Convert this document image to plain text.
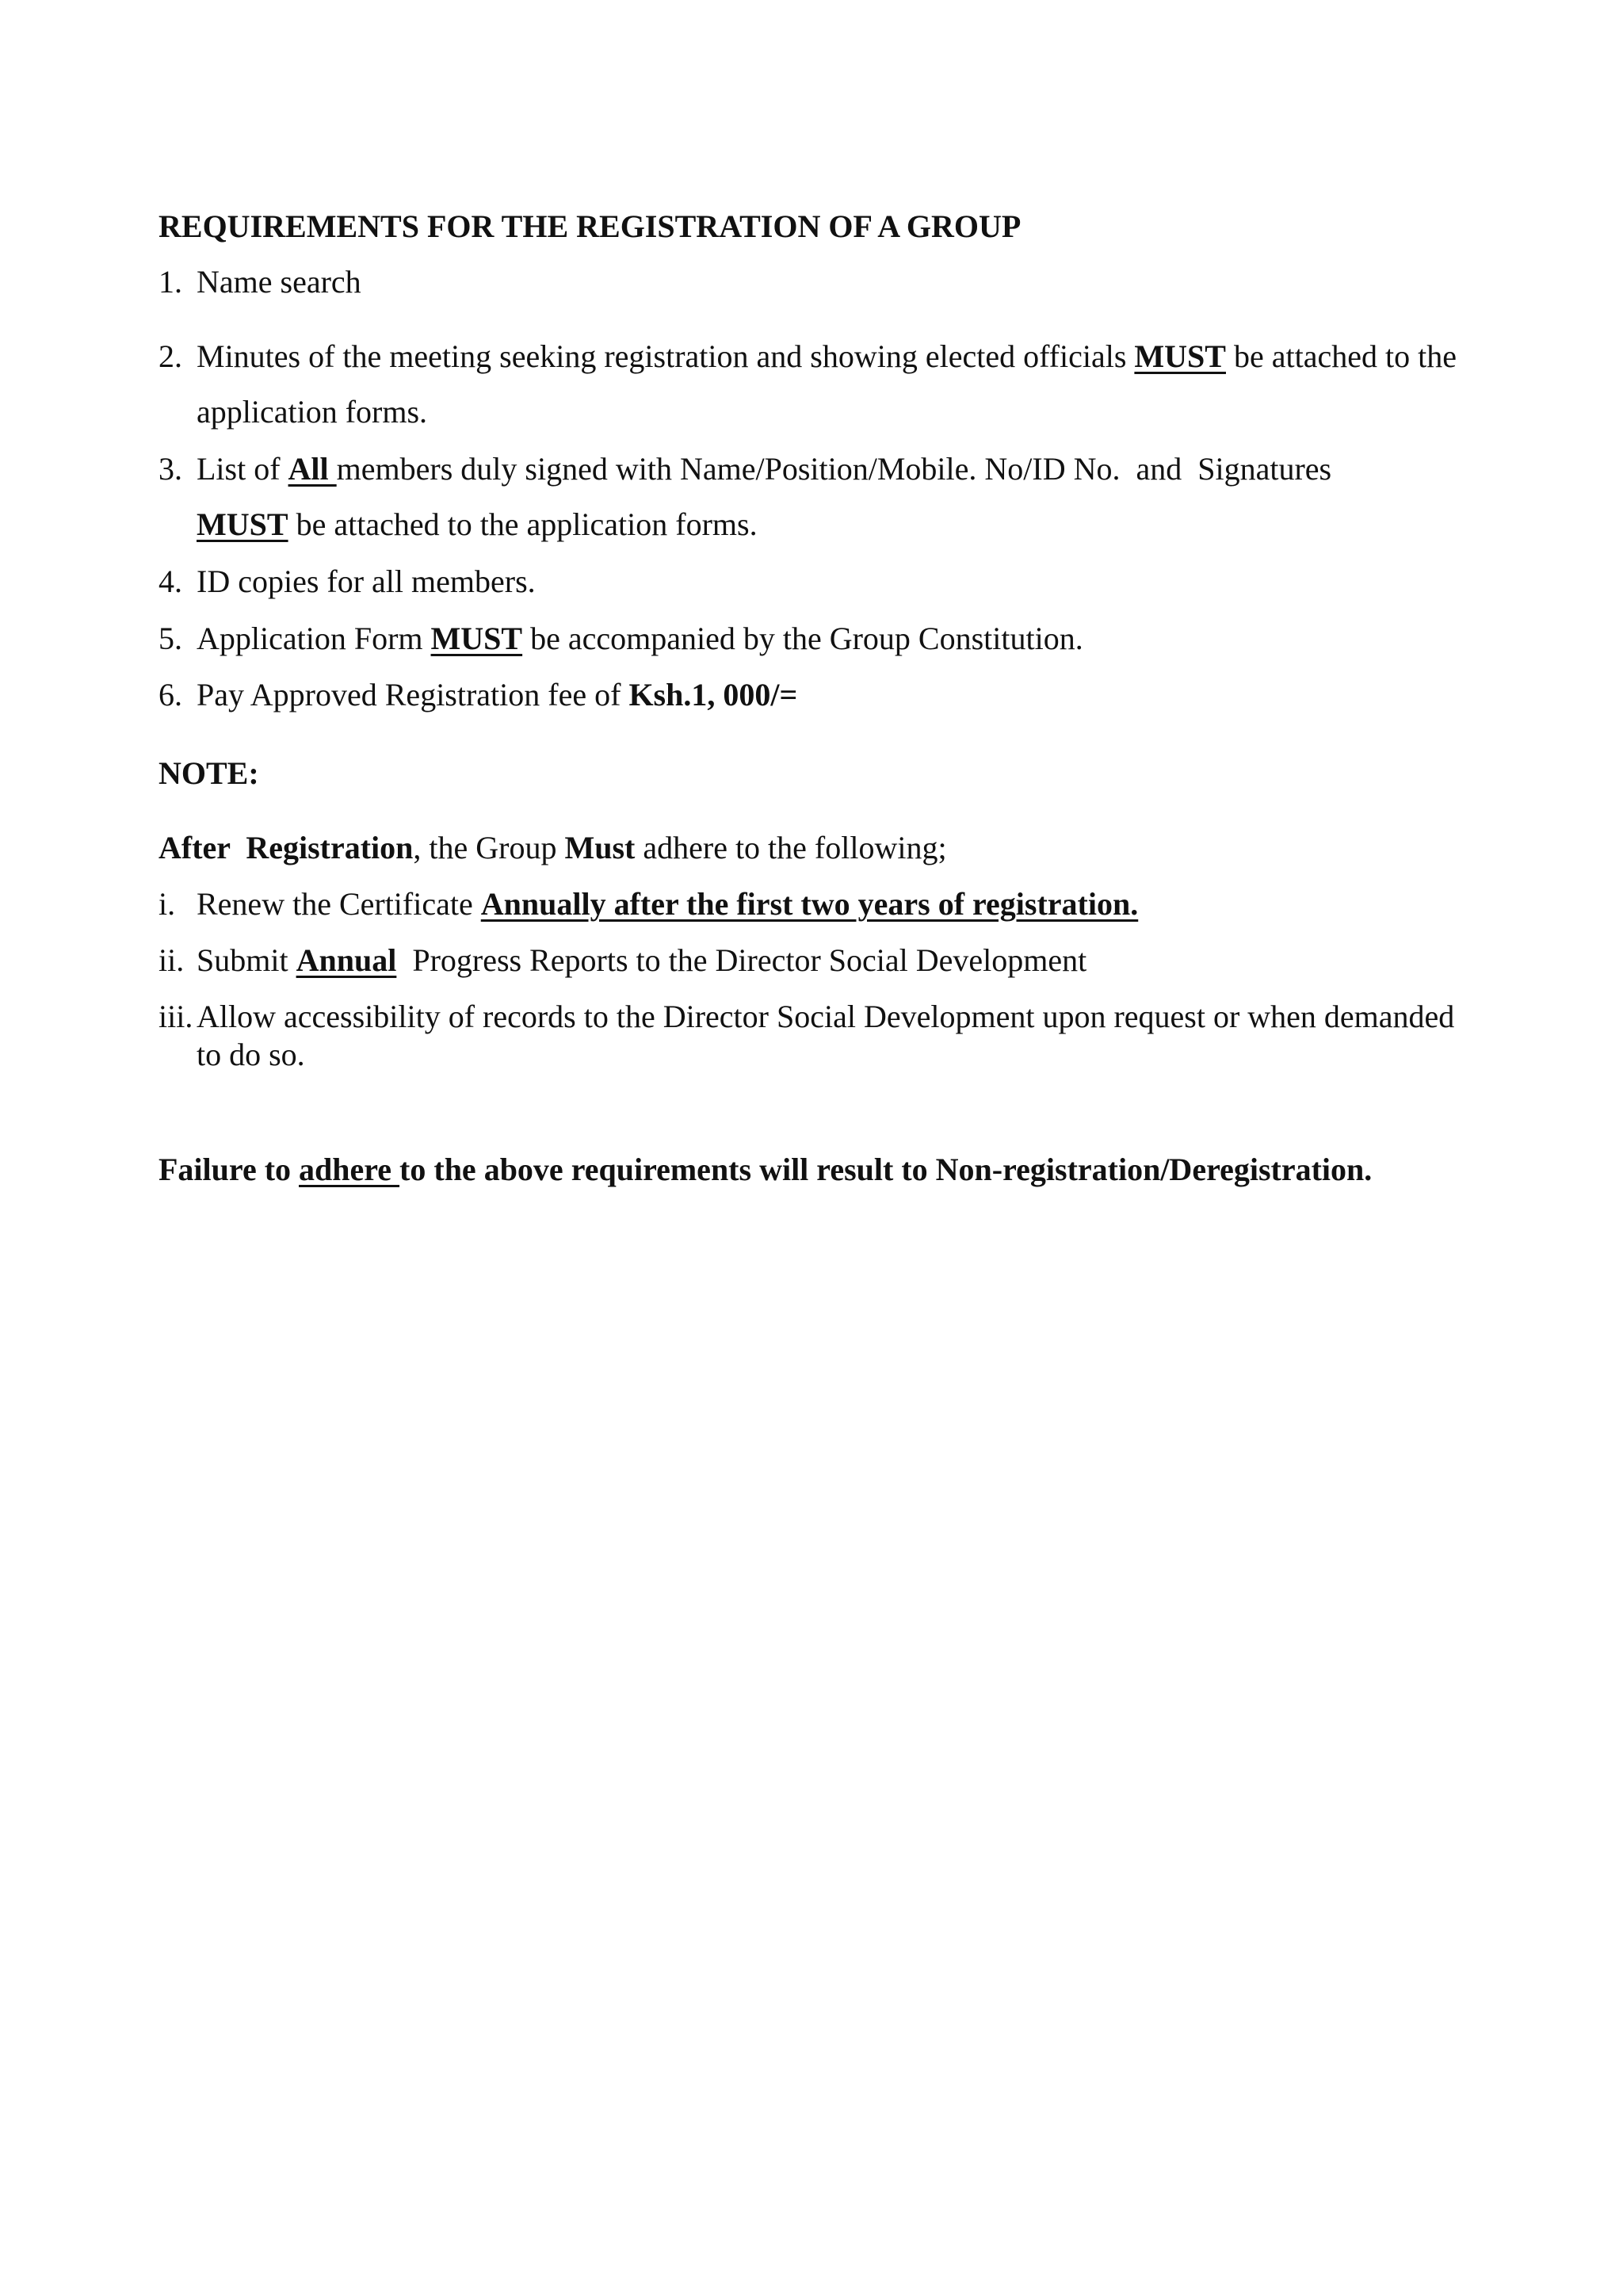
REQUIREMENTS FOR THE REGISTRATION OF A GROUP
1. Name search
2. Minutes of the meeting seeking registration and showing elected officials MUST be attached to the
application forms.
3. List of All members duly signed with Name/Position/Mobile. No/ID No.  and  Signatures
MUST be attached to the application forms.
4. ID copies for all members.
5. Application Form MUST be accompanied by the Group Constitution.
6. Pay Approved Registration fee of Ksh.1, 000/=
NOTE:
After  Registration, the Group Must adhere to the following;
i. Renew the Certificate Annually after the first two years of registration.
ii. Submit Annual  Progress Reports to the Director Social Development
iii. Allow accessibility of records to the Director Social Development upon request or when demanded
to do so.
Failure to adhere to the above requirements will result to Non-registration/Deregistration.
